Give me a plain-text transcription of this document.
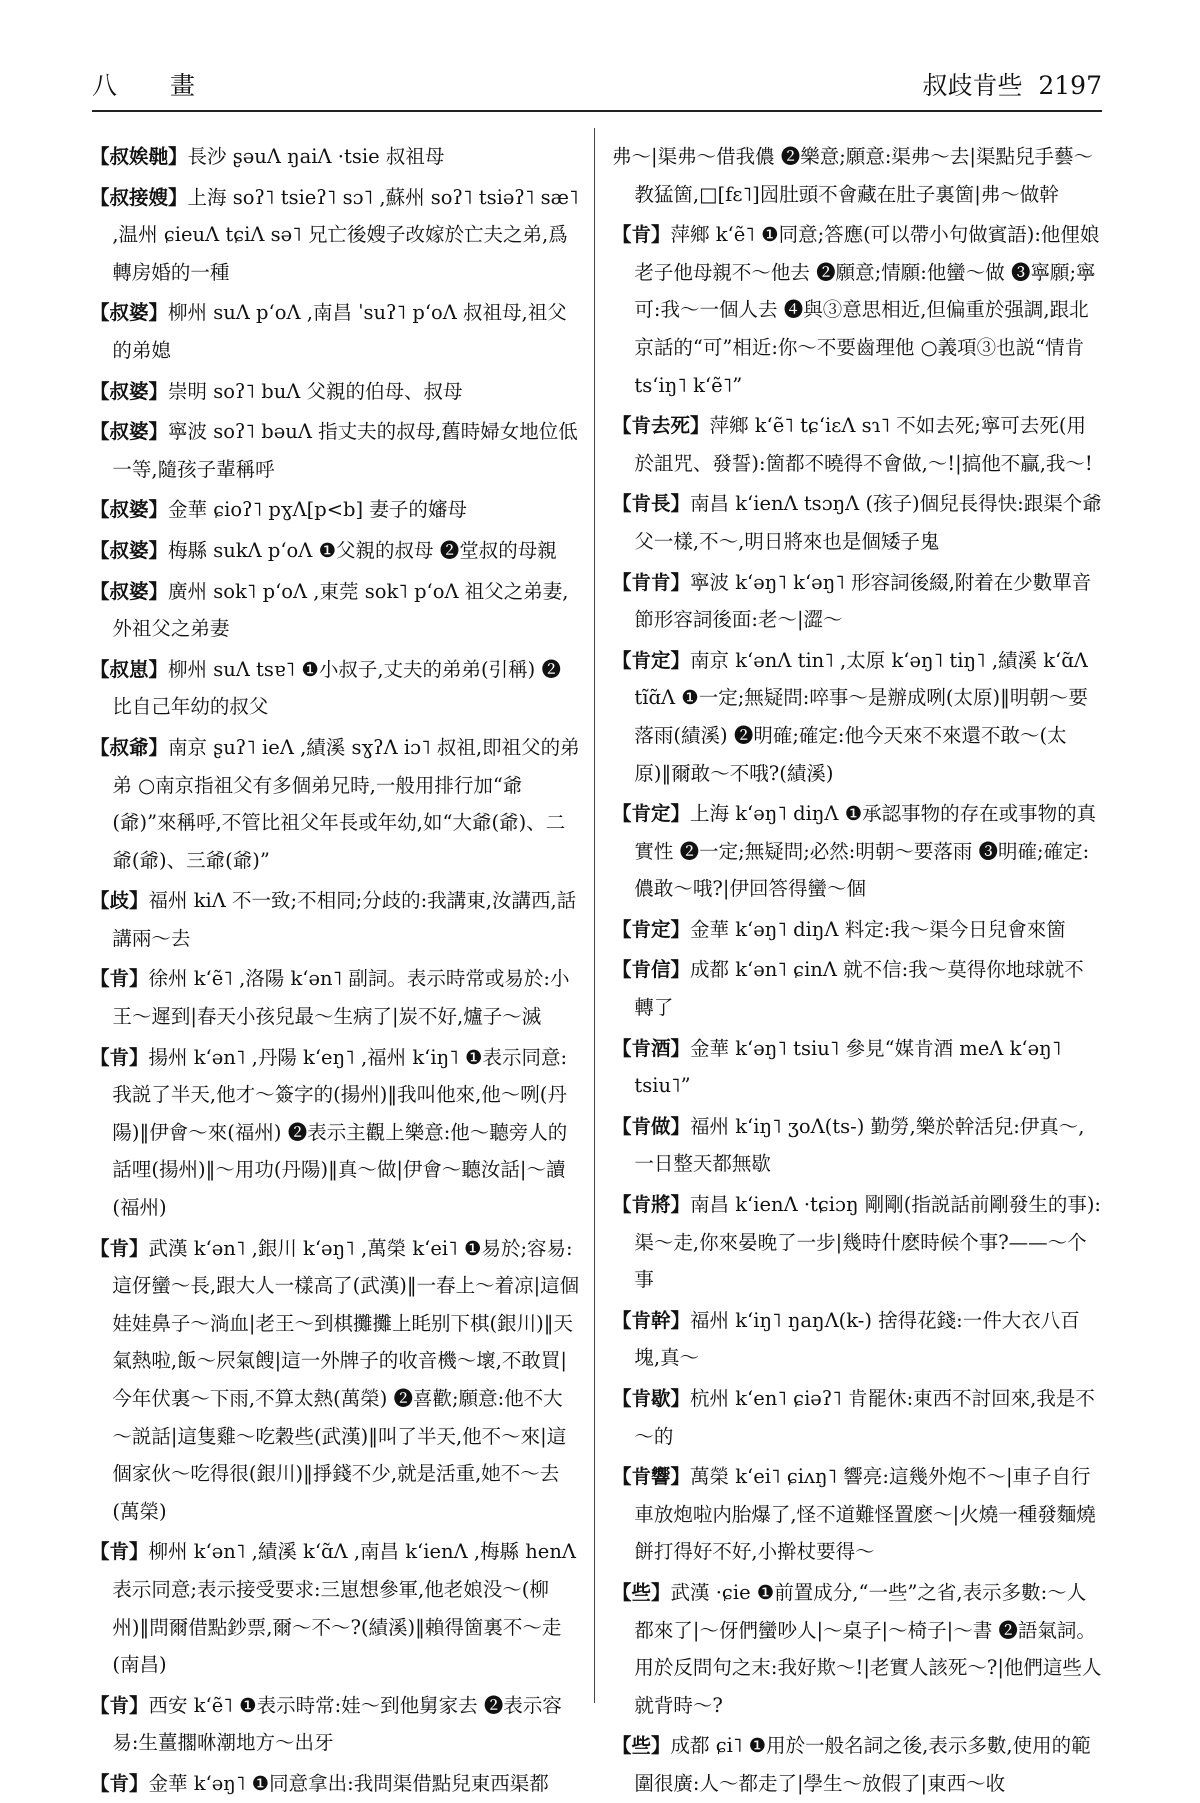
八　畫	叔歧肯些 2197
【叔娭毑】長沙 ʂəuɅ ŋaiɅ ·tsie 叔祖母
【叔接嫂】上海 soʔ˥ tsieʔ˥ sɔ˥ ,蘇州 soʔ˥ tsiəʔ˥ sæ˥ ,温州 ɕieuɅ tɕiɅ sə˥ 兄亡後嫂子改嫁於亡夫之弟,爲轉房婚的一種
【叔婆】柳州 suɅ pʻoɅ ,南昌 ˈsuʔ˥ pʻoɅ 叔祖母,祖父的弟媳
【叔婆】崇明 soʔ˥ buɅ 父親的伯母、叔母
【叔婆】寧波 soʔ˥ bəuɅ 指丈夫的叔母,舊時婦女地位低一等,隨孩子輩稱呼
【叔婆】金華 ɕioʔ˥ pɣɅ[p<b] 妻子的嬸母
【叔婆】梅縣 sukɅ pʻoɅ ❶父親的叔母 ❷堂叔的母親
【叔婆】廣州 sok˥ pʻoɅ ,東莞 sok˥ pʻoɅ 祖父之弟妻,外祖父之弟妻
【叔崽】柳州 suɅ tsɐ˥ ❶小叔子,丈夫的弟弟(引稱) ❷比自己年幼的叔父
【叔爺】南京 ʂuʔ˥ ieɅ ,績溪 sɣʔɅ iɔ˥ 叔祖,即祖父的弟弟 ○南京指祖父有多個弟兄時,一般用排行加“爺(爺)”來稱呼,不管比祖父年長或年幼,如“大爺(爺)、二爺(爺)、三爺(爺)”
【歧】福州 kiɅ 不一致;不相同;分歧的:我講東,汝講西,話講兩～去
【肯】徐州 kʻẽ˥ ,洛陽 kʻən˥ 副詞。表示時常或易於:小王～遲到|春天小孩兒最～生病了|炭不好,爐子～滅
【肯】揚州 kʻən˥ ,丹陽 kʻeŋ˥ ,福州 kʻiŋ˥ ❶表示同意:我説了半天,他才～簽字的(揚州)‖我叫他來,他～咧(丹陽)‖伊會～來(福州) ❷表示主觀上樂意:他～聽旁人的話哩(揚州)‖～用功(丹陽)‖真～做|伊會～聽汝話|～讀(福州)
【肯】武漢 kʻən˥ ,銀川 kʻəŋ˥ ,萬榮 kʻei˥ ❶易於;容易:這伢蠻～長,跟大人一樣高了(武漢)‖一春上～着凉|這個娃娃鼻子～淌血|老王～到棋攤攤上眊别下棋(銀川)‖天氣熱啦,飯～屄氣餿|這一外牌子的收音機～壞,不敢買|今年伏裏～下雨,不算太熱(萬榮) ❷喜歡;願意:他不大～説話|這隻雞～吃穀些(武漢)‖叫了半天,他不～來|這個家伙～吃得很(銀川)‖掙錢不少,就是活重,她不～去(萬榮)
【肯】柳州 kʻən˥ ,績溪 kʻɑ̃Ʌ ,南昌 kʻienɅ ,梅縣 henɅ 表示同意;表示接受要求:三崽想參軍,他老娘没～(柳州)‖問爾借點鈔票,爾～不～?(績溪)‖賴得箇裏不～走(南昌)
【肯】西安 kʻẽ˥ ❶表示時常:娃～到他舅家去 ❷表示容易:生薑擱咻潮地方～出牙
【肯】金華 kʻəŋ˥ ❶同意拿出:我問渠借點兒東西渠都
弗～|渠弗～借我儂 ❷樂意;願意:渠弗～去|渠點兒手藝～教猛箇,□[fɛ˥]囥肚頭不會藏在肚子裏箇|弗～做幹
【肯】萍鄉 kʻẽ˥ ❶同意;答應(可以帶小句做賓語):他俚娘老子他母親不～他去 ❷願意;情願:他蠻～做 ❸寧願;寧可:我～一個人去 ❹與③意思相近,但偏重於强調,跟北京話的“可”相近:你～不要齒理他 ○義項③也説“情肯 tsʻiŋ˥ kʻẽ˥”
【肯去死】萍鄉 kʻẽ˥ tɕʻiɛɅ sɿ˥ 不如去死;寧可去死(用於詛咒、發誓):箇都不曉得不會做,～!|搞他不贏,我～!
【肯長】南昌 kʻienɅ tsɔŋɅ (孩子)個兒長得快:跟渠个爺父一樣,不～,明日將來也是個矮子鬼
【肯肯】寧波 kʻəŋ˥ kʻəŋ˥ 形容詞後綴,附着在少數單音節形容詞後面:老～|澀～
【肯定】南京 kʻənɅ tin˥ ,太原 kʻəŋ˥ tiŋ˥ ,績溪 kʻɑ̃Ʌ tĩɑ̃Ʌ ❶一定;無疑問:啐事～是辦成咧(太原)‖明朝～要落雨(績溪) ❷明確;確定:他今天來不來還不敢～(太原)‖爾敢～不哦?(績溪)
【肯定】上海 kʻəŋ˥ diŋɅ ❶承認事物的存在或事物的真實性 ❷一定;無疑問;必然:明朝～要落雨 ❸明確;確定:儂敢～哦?|伊回答得蠻～個
【肯定】金華 kʻəŋ˥ diŋɅ 料定:我～渠今日兒會來箇
【肯信】成都 kʻən˥ ɕinɅ 就不信:我～莫得你地球就不轉了
【肯酒】金華 kʻəŋ˥ tsiu˥ 參見“媒肯酒 meɅ kʻəŋ˥ tsiu˥”
【肯做】福州 kʻiŋ˥ ʒoɅ(ts-) 勤勞,樂於幹活兒:伊真～,一日整天都無歇
【肯將】南昌 kʻienɅ ·tɕiɔŋ 剛剛(指説話前剛發生的事):渠～走,你來晏晚了一步|幾時什麽時候个事?——～个事
【肯幹】福州 kʻiŋ˥ ŋaŋɅ(k-) 捨得花錢:一件大衣八百塊,真～
【肯歇】杭州 kʻen˥ ɕiəʔ˥ 肯罷休:東西不討回來,我是不～的
【肯響】萬榮 kʻei˥ ɕiʌŋ˥ 響亮:這幾外炮不～|車子自行車放炮啦内胎爆了,怪不道難怪置麽～|火燒一種發麵燒餅打得好不好,小擀杖要得～
【些】武漢 ·ɕie ❶前置成分,“一些”之省,表示多數:～人都來了|～伢們蠻吵人|～桌子|～椅子|～書 ❷語氣詞。用於反問句之末:我好欺～!|老實人該死～?|他們這些人就背時～?
【些】成都 ɕi˥ ❶用於一般名詞之後,表示多數,使用的範圍很廣:人～都走了|學生～放假了|東西～收
